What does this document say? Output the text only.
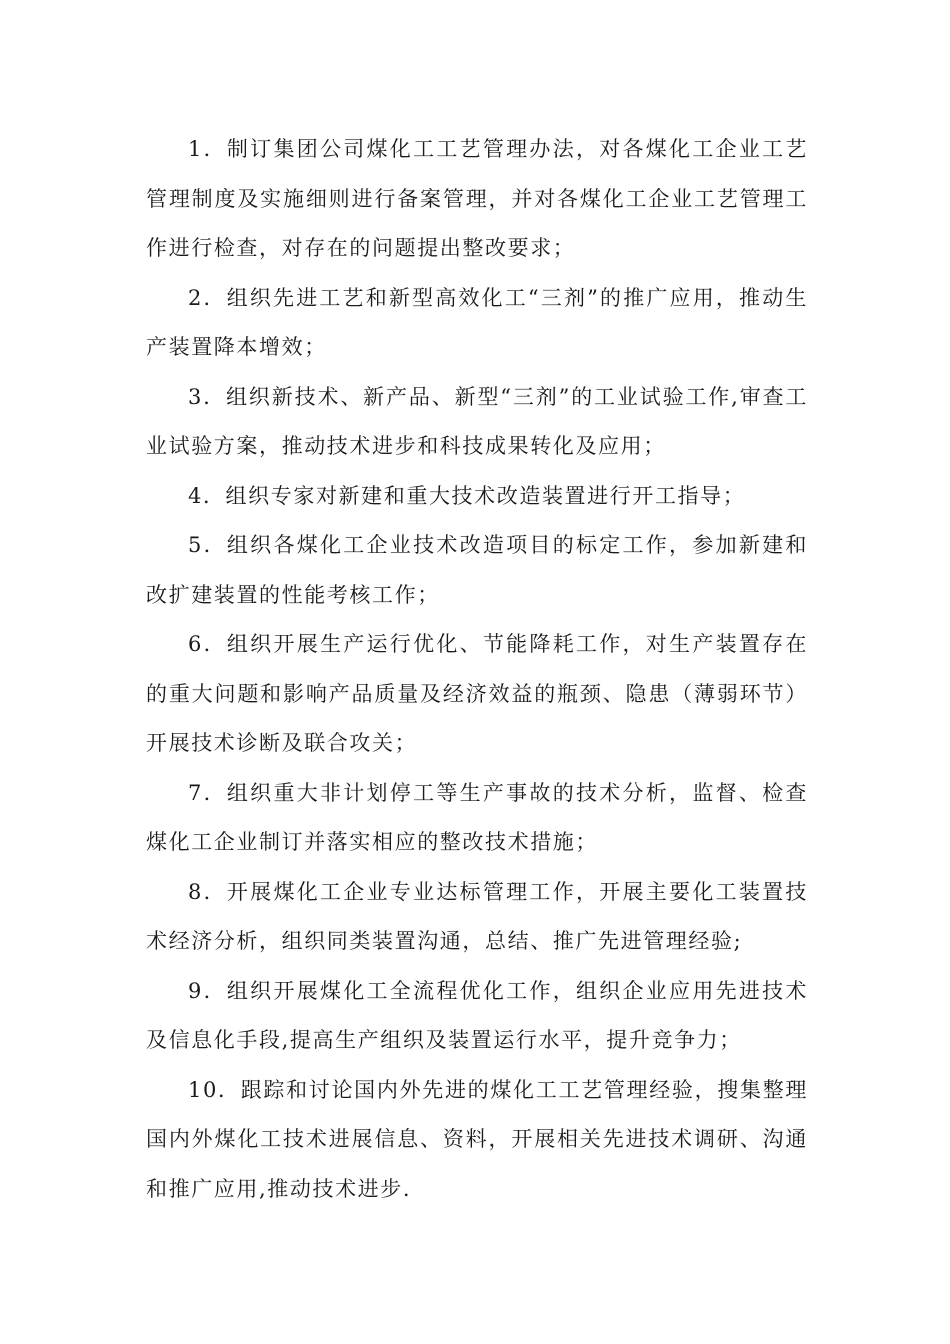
1．制订集团公司煤化工工艺管理办法，对各煤化工企业工艺管理制度及实施细则进行备案管理，并对各煤化工企业工艺管理工作进行检查，对存在的问题提出整改要求；

2．组织先进工艺和新型高效化工“三剂”的推广应用，推动生产装置降本增效；

3．组织新技术、新产品、新型“三剂”的工业试验工作,审查工业试验方案，推动技术进步和科技成果转化及应用；

4．组织专家对新建和重大技术改造装置进行开工指导；

5．组织各煤化工企业技术改造项目的标定工作，参加新建和改扩建装置的性能考核工作；

6．组织开展生产运行优化、节能降耗工作，对生产装置存在的重大问题和影响产品质量及经济效益的瓶颈、隐患（薄弱环节）开展技术诊断及联合攻关；

7．组织重大非计划停工等生产事故的技术分析，监督、检查煤化工企业制订并落实相应的整改技术措施；

8．开展煤化工企业专业达标管理工作，开展主要化工装置技术经济分析，组织同类装置沟通，总结、推广先进管理经验;

9．组织开展煤化工全流程优化工作，组织企业应用先进技术及信息化手段,提高生产组织及装置运行水平，提升竞争力；

10．跟踪和讨论国内外先进的煤化工工艺管理经验，搜集整理国内外煤化工技术进展信息、资料，开展相关先进技术调研、沟通和推广应用,推动技术进步.
